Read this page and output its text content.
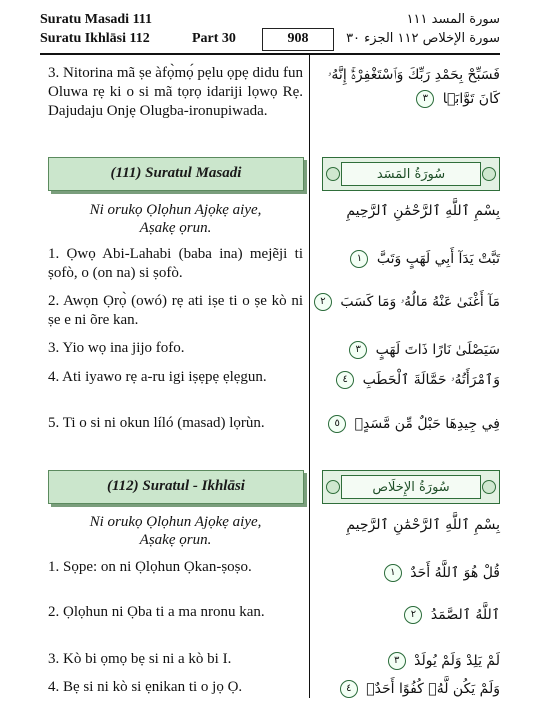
Suratu Masadi 111
Suratu Ikhlāsi 112	Part 30	908
سورة المسد ١١١
سورة الإخلاص ١١٢ الجزء ٣٠
3. Nitorina mã ṣe àfọ̀mọ́ pẹlu ọpẹ didu fun Oluwa rẹ ki o si mã tọrọ idariji lọwọ Rẹ. Dajudaju Onjẹ Olugba-ironupiwada.
فَسَبِّحْ بِحَمْدِ رَبِّكَ وَٱسْتَغْفِرْهُۚ إِنَّهُۥ
كَانَ تَوَّابَۢا ٣
(111) Suratul Masadi	سُورَةُ المَسَد
Ni orukọ Ọlọhun Ajọkẹ aiye,
Aṣakẹ ọrun.
بِسْمِ ٱللَّهِ ٱلرَّحْمَٰنِ ٱلرَّحِيمِ
1. Ọwọ Abi-Lahabi (baba ina) mejẽji ti ṣofò, o (on na) si ṣofò.
تَبَّتْ يَدَآ أَبِي لَهَبٍ وَتَبَّ ١
2. Awọn Ọrọ̀ (owó) rẹ ati iṣe ti o ṣe kò ni ṣe e ni õre kan.
مَآ أَغْنَىٰ عَنْهُ مَالُهُۥ وَمَا كَسَبَ ٢
3. Yio wọ ina jijo fofo.	سَيَصْلَىٰ نَارًا ذَاتَ لَهَبٍ ٣
4. Ati iyawo rẹ a-ru igi iṣẹpẹ ẹlẹgun.	وَٱمْرَأَتُهُۥ حَمَّالَةَ ٱلْحَطَبِ ٤
5. Ti o si ni okun líló (masad) lọrùn.	فِي جِيدِهَا حَبْلٌ مِّن مَّسَدٍۭ ٥
(112) Suratul - Ikhlāsi	سُورَةُ الإِخلَاص
Ni orukọ Ọlọhun Ajọkẹ aiye,
Aṣakẹ ọrun.
بِسْمِ ٱللَّهِ ٱلرَّحْمَٰنِ ٱلرَّحِيمِ
1. Sọpe: on ni Ọlọhun Ọkan-ṣoṣo.	قُلْ هُوَ ٱللَّهُ أَحَدٌ ١
2. Ọlọhun ni Ọba ti a ma nronu kan.	ٱللَّهُ ٱلصَّمَدُ ٢
3. Kò bi ọmọ bẹ si ni a kò bi I.	لَمْ يَلِدْ وَلَمْ يُولَدْ ٣
4. Bẹ si ni kò si ẹnikan ti o jọ Ọ.	وَلَمْ يَكُن لَّهُۥ كُفُوًا أَحَدٌۢ ٤
